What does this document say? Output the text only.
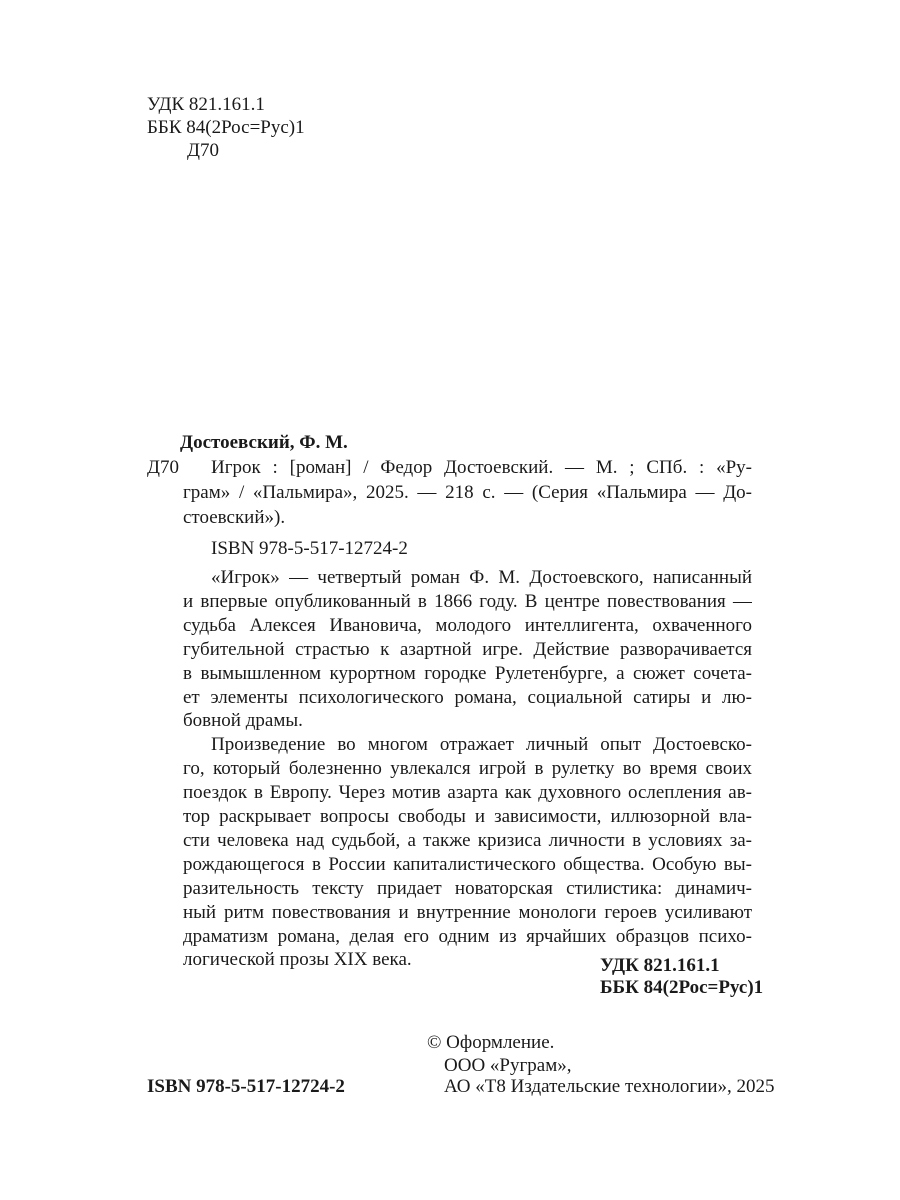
УДК 821.161.1
ББК 84(2Рос=Рус)1
Д70
Достоевский, Ф. М.
Д70 Игрок : [роман] / Федор Достоевский. — М. ; СПб. : «Ру-
грам» / «Пальмира», 2025. — 218 с. — (Серия «Пальмира — До-
стоевский»).
ISBN 978-5-517-12724-2
«Игрок» — четвертый роман Ф. М. Достоевского, написанный
и впервые опубликованный в 1866 году. В центре повествования —
судьба Алексея Ивановича, молодого интеллигента, охваченного
губительной страстью к азартной игре. Действие разворачивается
в вымышленном курортном городке Рулетенбурге, а сюжет сочета-
ет элементы психологического романа, социальной сатиры и лю-
бовной драмы.
Произведение во многом отражает личный опыт Достоевско-
го, который болезненно увлекался игрой в рулетку во время своих
поездок в Европу. Через мотив азарта как духовного ослепления ав-
тор раскрывает вопросы свободы и зависимости, иллюзорной вла-
сти человека над судьбой, а также кризиса личности в условиях за-
рождающегося в России капиталистического общества. Особую вы-
разительность тексту придает новаторская стилистика: динамич-
ный ритм повествования и внутренние монологи героев усиливают
драматизм романа, делая его одним из ярчайших образцов психо-
логической прозы XIX века.	УДК 821.161.1
ББК 84(2Рос=Рус)1
© Оформление.
ООО «Руграм»,
АО «Т8 Издательские технологии», 2025
ISBN 978-5-517-12724-2
